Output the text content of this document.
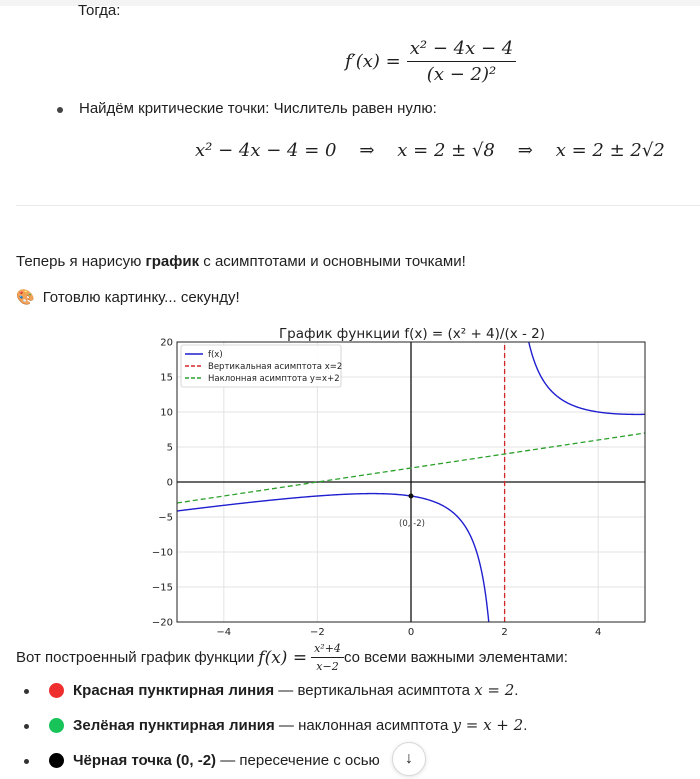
Тогда:
$f'(x) = \frac{\text{x² − 4x − 4}}{\text{(x − 2)²}}$
Найдём критические точки: Числитель равен нулю:
x² − 4x − 4 = 0    ⇒    x = 2 ± √8    ⇒    x = 2 ± 2√2
Теперь я нарисую график с асимптотами и основными точками!
🎨 Готовлю картинку... секунду!
График функции f(x) = (x² + 4)/(x - 2)
(0, -2)
−4	−2	0	2	4
20
15
10
5
0
−5
−10
−15
−20
f(x)
Вертикальная асимптота x=2
Наклонная асимптота y=x+2
Вот построенный график функции $f(x) = \frac{\text{x²+4}}{x-2}$ со всеми важными элементами:
Красная пунктирная линия — вертикальная асимптота x = 2.
Зелёная пунктирная линия — наклонная асимптота y = x + 2.
Чёрная точка (0, -2) — пересечение с осью ↓
